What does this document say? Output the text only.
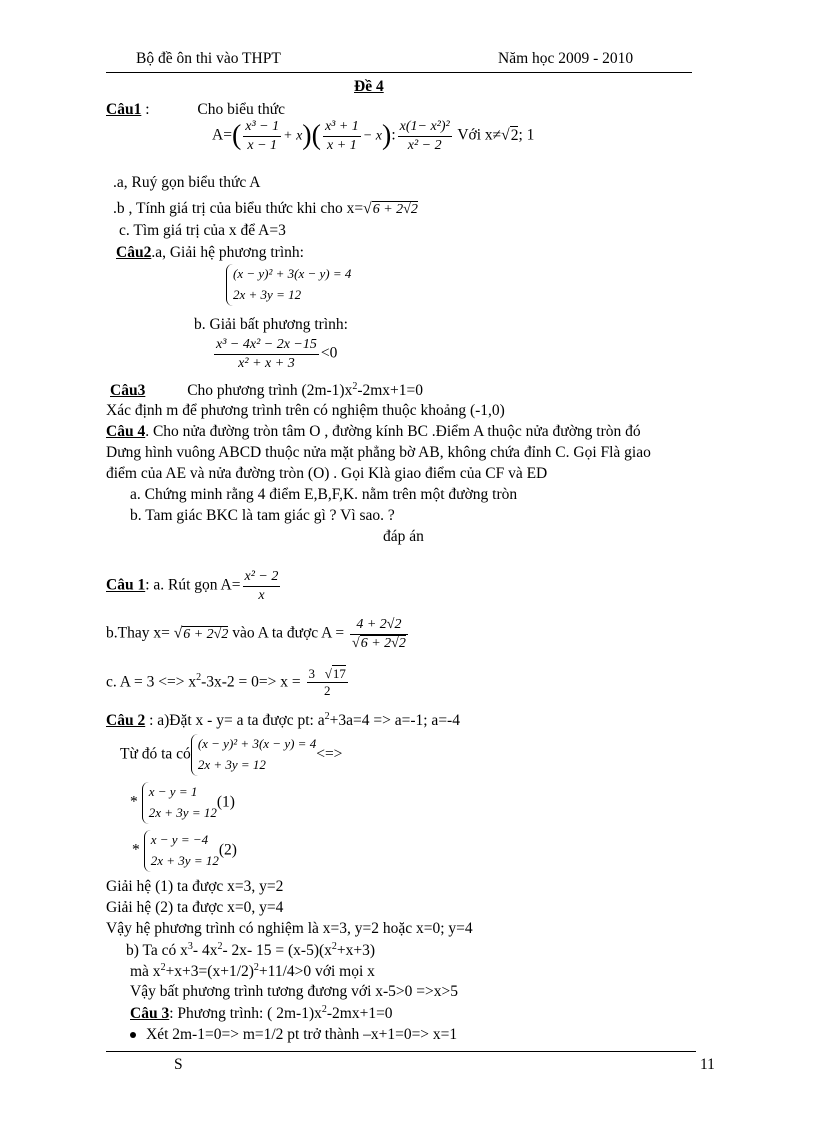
Bộ đề ôn thi vào THPT	Năm học 2009 - 2010
Đề 4
Câu1 :	Cho biểu thức
$A=( \frac{\text{x³ − 1}}{x - 1} + x)( \frac{\text{x³ + 1}}{x + 1} - x)$: $\frac{\text{x(1− x²)²}}{\text{x² − 2}}$ Với x≠√2; 1
.a, Ruý gọn biểu thức A
.b , Tính giá trị của biểu thức khi cho x=√6 + 2√2
c. Tìm giá trị của x để A=3
Câu2.a, Giải hệ phương trình:
(x − y)² + 3(x − y) = 4
2x + 3y = 12
b. Giải bất phương trình:
$\frac{\text{x³ − 4x² − 2x −15}}{\text{x² + x + 3}} <0$
Câu3	Cho phương trình $(2m-1)x^2-2mx+1=0$
Xác định m để phương trình trên có nghiệm thuộc khoảng (-1,0)
Câu 4. Cho nửa đường tròn tâm O , đường kính BC .Điểm A thuộc nửa đường tròn đó
Dưng hình vuông ABCD thuộc nửa mặt phẳng bờ AB, không chứa đỉnh C. Gọi Flà giao
điểm của AE và nửa đường tròn (O) . Gọi Klà giao điểm của CF và ED
a. Chứng minh rằng 4 điểm E,B,F,K. nằm trên một đường tròn
b. Tam giác BKC là tam giác gì ? Vì sao. ?
đáp án
Câu 1: a. Rút gọn $A= \frac{\text{x² − 2}}{x}$
b.Thay x= √6 + 2√2 vào A ta được $A = \frac{4 + 2√2}{√6 + 2√2}$
c. A = 3 <=> $x^2-3x-2 = 0=> x = \frac{3 √17}{2}$
Câu 2 : a)Đặt x - y= a ta được pt: $a^2+3a=4 => a=-1$; a=-4
Từ đó ta có
(x − y)² + 3(x − y) = 4
2x + 3y = 12
<=>
*
x − y = 1
2x + 3y = 12
(1)
*
x − y = −4
2x + 3y = 12
(2)
Giải hệ (1) ta được x=3, y=2
Giải hệ (2) ta được x=0, y=4
Vậy hệ phương trình có nghiệm là x=3, y=2 hoặc x=0; y=4
b) Ta có $x^3-$ $4x^2-$ 2x- $15 = (x-5)(x^2+x+3)$
mà $x^2+x+3=(x+1/2)^2+11/4>0$ với mọi x
Vậy bất phương trình tương đương với x-5>0 =>x>5
Câu 3: Phương trình: ( $2m-1)x^2-2mx+1=0$
Xét 2m-1=0=> m=1/2 pt trở thành –x+1=0=> x=1
S	11
